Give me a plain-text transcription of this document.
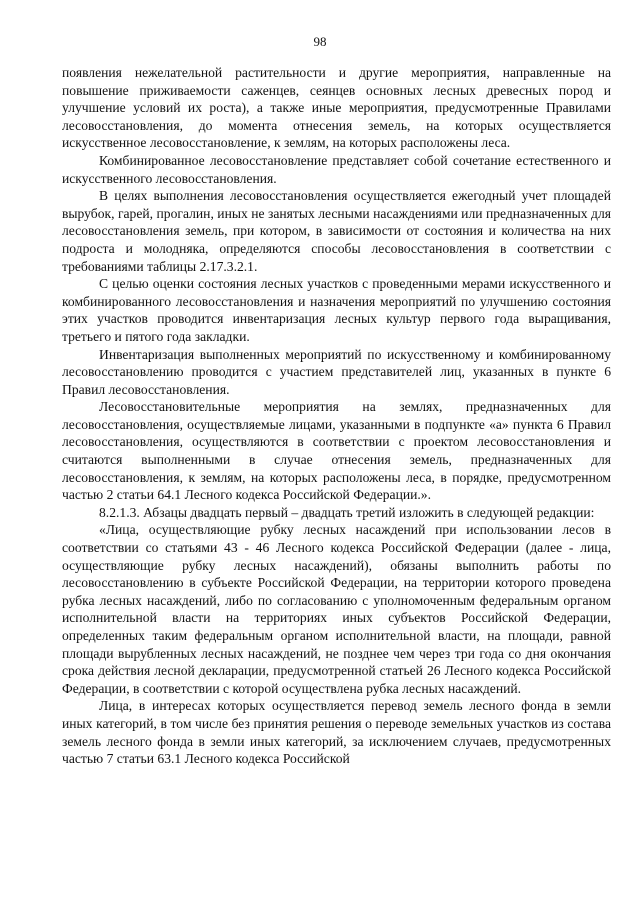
98

появления нежелательной растительности и другие мероприятия, направленные на повышение приживаемости саженцев, сеянцев основных лесных древесных пород и улучшение условий их роста), а также иные мероприятия, предусмотренные Правилами лесовосстановления, до момента отнесения земель, на которых осуществляется искусственное лесовосстановление, к землям, на которых расположены леса.

Комбинированное лесовосстановление представляет собой сочетание естественного и искусственного лесовосстановления.

В целях выполнения лесовосстановления осуществляется ежегодный учет площадей вырубок, гарей, прогалин, иных не занятых лесными насаждениями или предназначенных для лесовосстановления земель, при котором, в зависимости от состояния и количества на них подроста и молодняка, определяются способы лесовосстановления в соответствии с требованиями таблицы 2.17.3.2.1.

С целью оценки состояния лесных участков с проведенными мерами искусственного и комбинированного лесовосстановления и назначения мероприятий по улучшению состояния этих участков проводится инвентаризация лесных культур первого года выращивания, третьего и пятого года закладки.

Инвентаризация выполненных мероприятий по искусственному и комбинированному лесовосстановлению проводится с участием представителей лиц, указанных в пункте 6 Правил лесовосстановления.

Лесовосстановительные мероприятия на землях, предназначенных для лесовосстановления, осуществляемые лицами, указанными в подпункте «а» пункта 6 Правил лесовосстановления, осуществляются в соответствии с проектом лесовосстановления и считаются выполненными в случае отнесения земель, предназначенных для лесовосстановления, к землям, на которых расположены леса, в порядке, предусмотренном частью 2 статьи 64.1 Лесного кодекса Российской Федерации.».

8.2.1.3. Абзацы двадцать первый – двадцать третий изложить в следующей редакции:

«Лица, осуществляющие рубку лесных насаждений при использовании лесов в соответствии со статьями 43 - 46 Лесного кодекса Российской Федерации (далее - лица, осуществляющие рубку лесных насаждений), обязаны выполнить работы по лесовосстановлению в субъекте Российской Федерации, на территории которого проведена рубка лесных насаждений, либо по согласованию с уполномоченным федеральным органом исполнительной власти на территориях иных субъектов Российской Федерации, определенных таким федеральным органом исполнительной власти, на площади, равной площади вырубленных лесных насаждений, не позднее чем через три года со дня окончания срока действия лесной декларации, предусмотренной статьей 26 Лесного кодекса Российской Федерации, в соответствии с которой осуществлена рубка лесных насаждений.

Лица, в интересах которых осуществляется перевод земель лесного фонда в земли иных категорий, в том числе без принятия решения о переводе земельных участков из состава земель лесного фонда в земли иных категорий, за исключением случаев, предусмотренных частью 7 статьи 63.1 Лесного кодекса Российской
